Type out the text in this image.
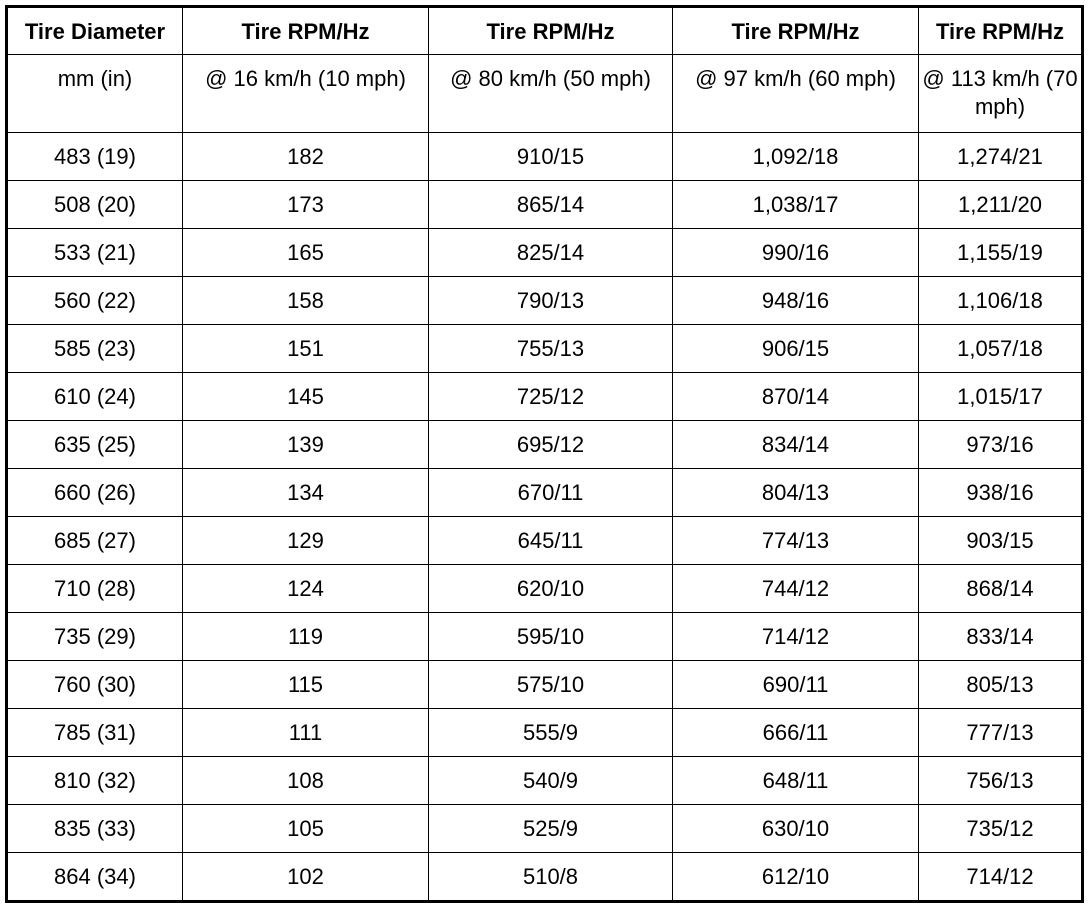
Tire Diameter	Tire RPM/Hz	Tire RPM/Hz	Tire RPM/Hz	Tire RPM/Hz
mm (in)	@ 16 km/h (10 mph)	@ 80 km/h (50 mph)	@ 97 km/h (60 mph)	@ 113 km/h (70 mph)
483 (19)	182	910/15	1,092/18	1,274/21
508 (20)	173	865/14	1,038/17	1,211/20
533 (21)	165	825/14	990/16	1,155/19
560 (22)	158	790/13	948/16	1,106/18
585 (23)	151	755/13	906/15	1,057/18
610 (24)	145	725/12	870/14	1,015/17
635 (25)	139	695/12	834/14	973/16
660 (26)	134	670/11	804/13	938/16
685 (27)	129	645/11	774/13	903/15
710 (28)	124	620/10	744/12	868/14
735 (29)	119	595/10	714/12	833/14
760 (30)	115	575/10	690/11	805/13
785 (31)	111	555/9	666/11	777/13
810 (32)	108	540/9	648/11	756/13
835 (33)	105	525/9	630/10	735/12
864 (34)	102	510/8	612/10	714/12
